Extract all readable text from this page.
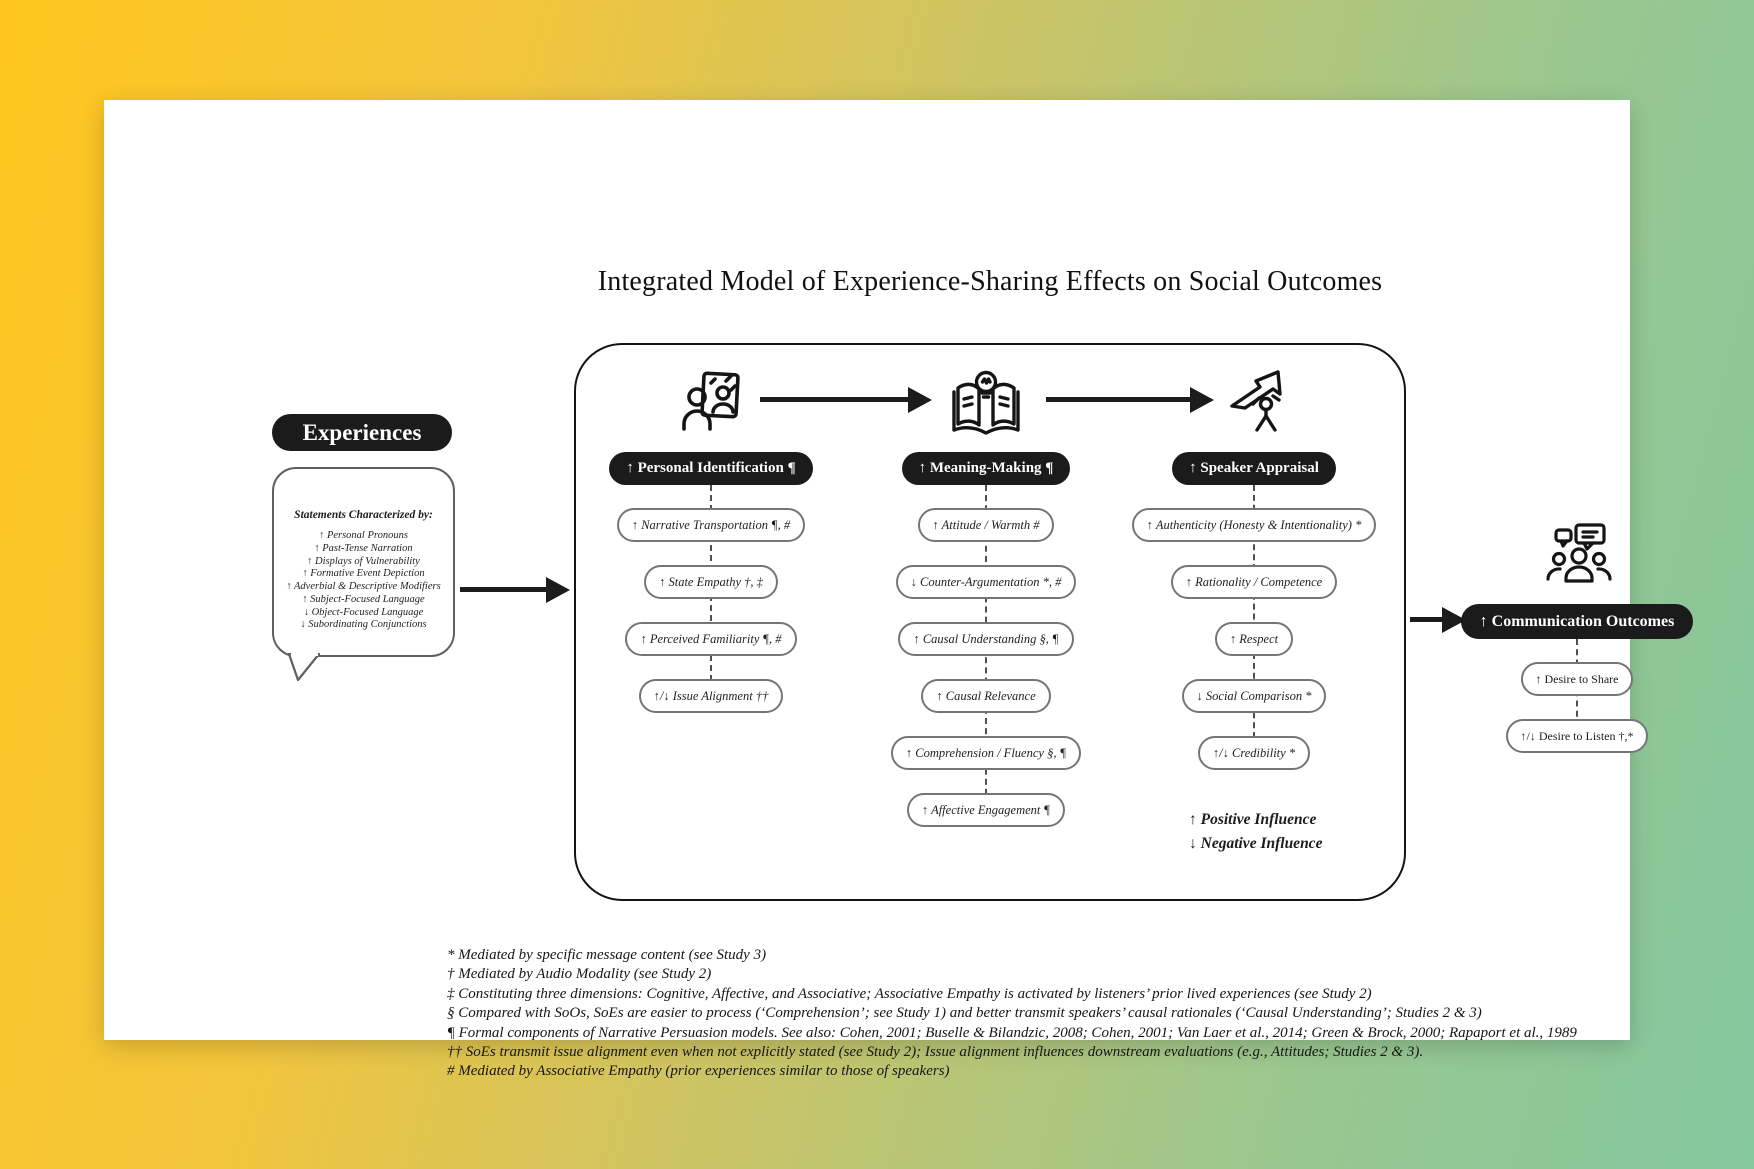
Integrated Model of Experience-Sharing Effects on Social Outcomes
Experiences
Statements Characterized by:
↑ Personal Pronouns
↑ Past-Tense Narration
↑ Displays of Vulnerability
↑ Formative Event Depiction
↑ Adverbial & Descriptive Modifiers
↑ Subject-Focused Language
↓ Object-Focused Language
↓ Subordinating Conjunctions
↑ Personal Identification ¶
↑ Narrative Transportation ¶, #
↑ State Empathy †, ‡
↑ Perceived Familiarity ¶, #
↑/↓ Issue Alignment ††
↑ Meaning-Making ¶
↑ Attitude / Warmth #
↓ Counter-Argumentation *, #
↑ Causal Understanding §, ¶
↑ Causal Relevance
↑ Comprehension / Fluency §, ¶
↑ Affective Engagement ¶
↑ Speaker Appraisal
↑ Authenticity (Honesty & Intentionality) *
↑ Rationality / Competence
↑ Respect
↓ Social Comparison *
↑/↓ Credibility *
↑ Communication Outcomes
↑ Desire to Share
↑/↓ Desire to Listen †,*
↑ Positive Influence
↓ Negative Influence
* Mediated by specific message content (see Study 3)
† Mediated by Audio Modality (see Study 2)
‡ Constituting three dimensions: Cognitive, Affective, and Associative; Associative Empathy is activated by listeners’ prior lived experiences (see Study 2)
§ Compared with SoOs, SoEs are easier to process (‘Comprehension’; see Study 1) and better transmit speakers’ causal rationales (‘Causal Understanding’; Studies 2 & 3)
¶ Formal components of Narrative Persuasion models. See also: Cohen, 2001; Buselle & Bilandzic, 2008; Cohen, 2001; Van Laer et al., 2014; Green & Brock, 2000; Rapaport et al., 1989
†† SoEs transmit issue alignment even when not explicitly stated (see Study 2); Issue alignment influences downstream evaluations (e.g., Attitudes; Studies 2 & 3).
# Mediated by Associative Empathy (prior experiences similar to those of speakers)
